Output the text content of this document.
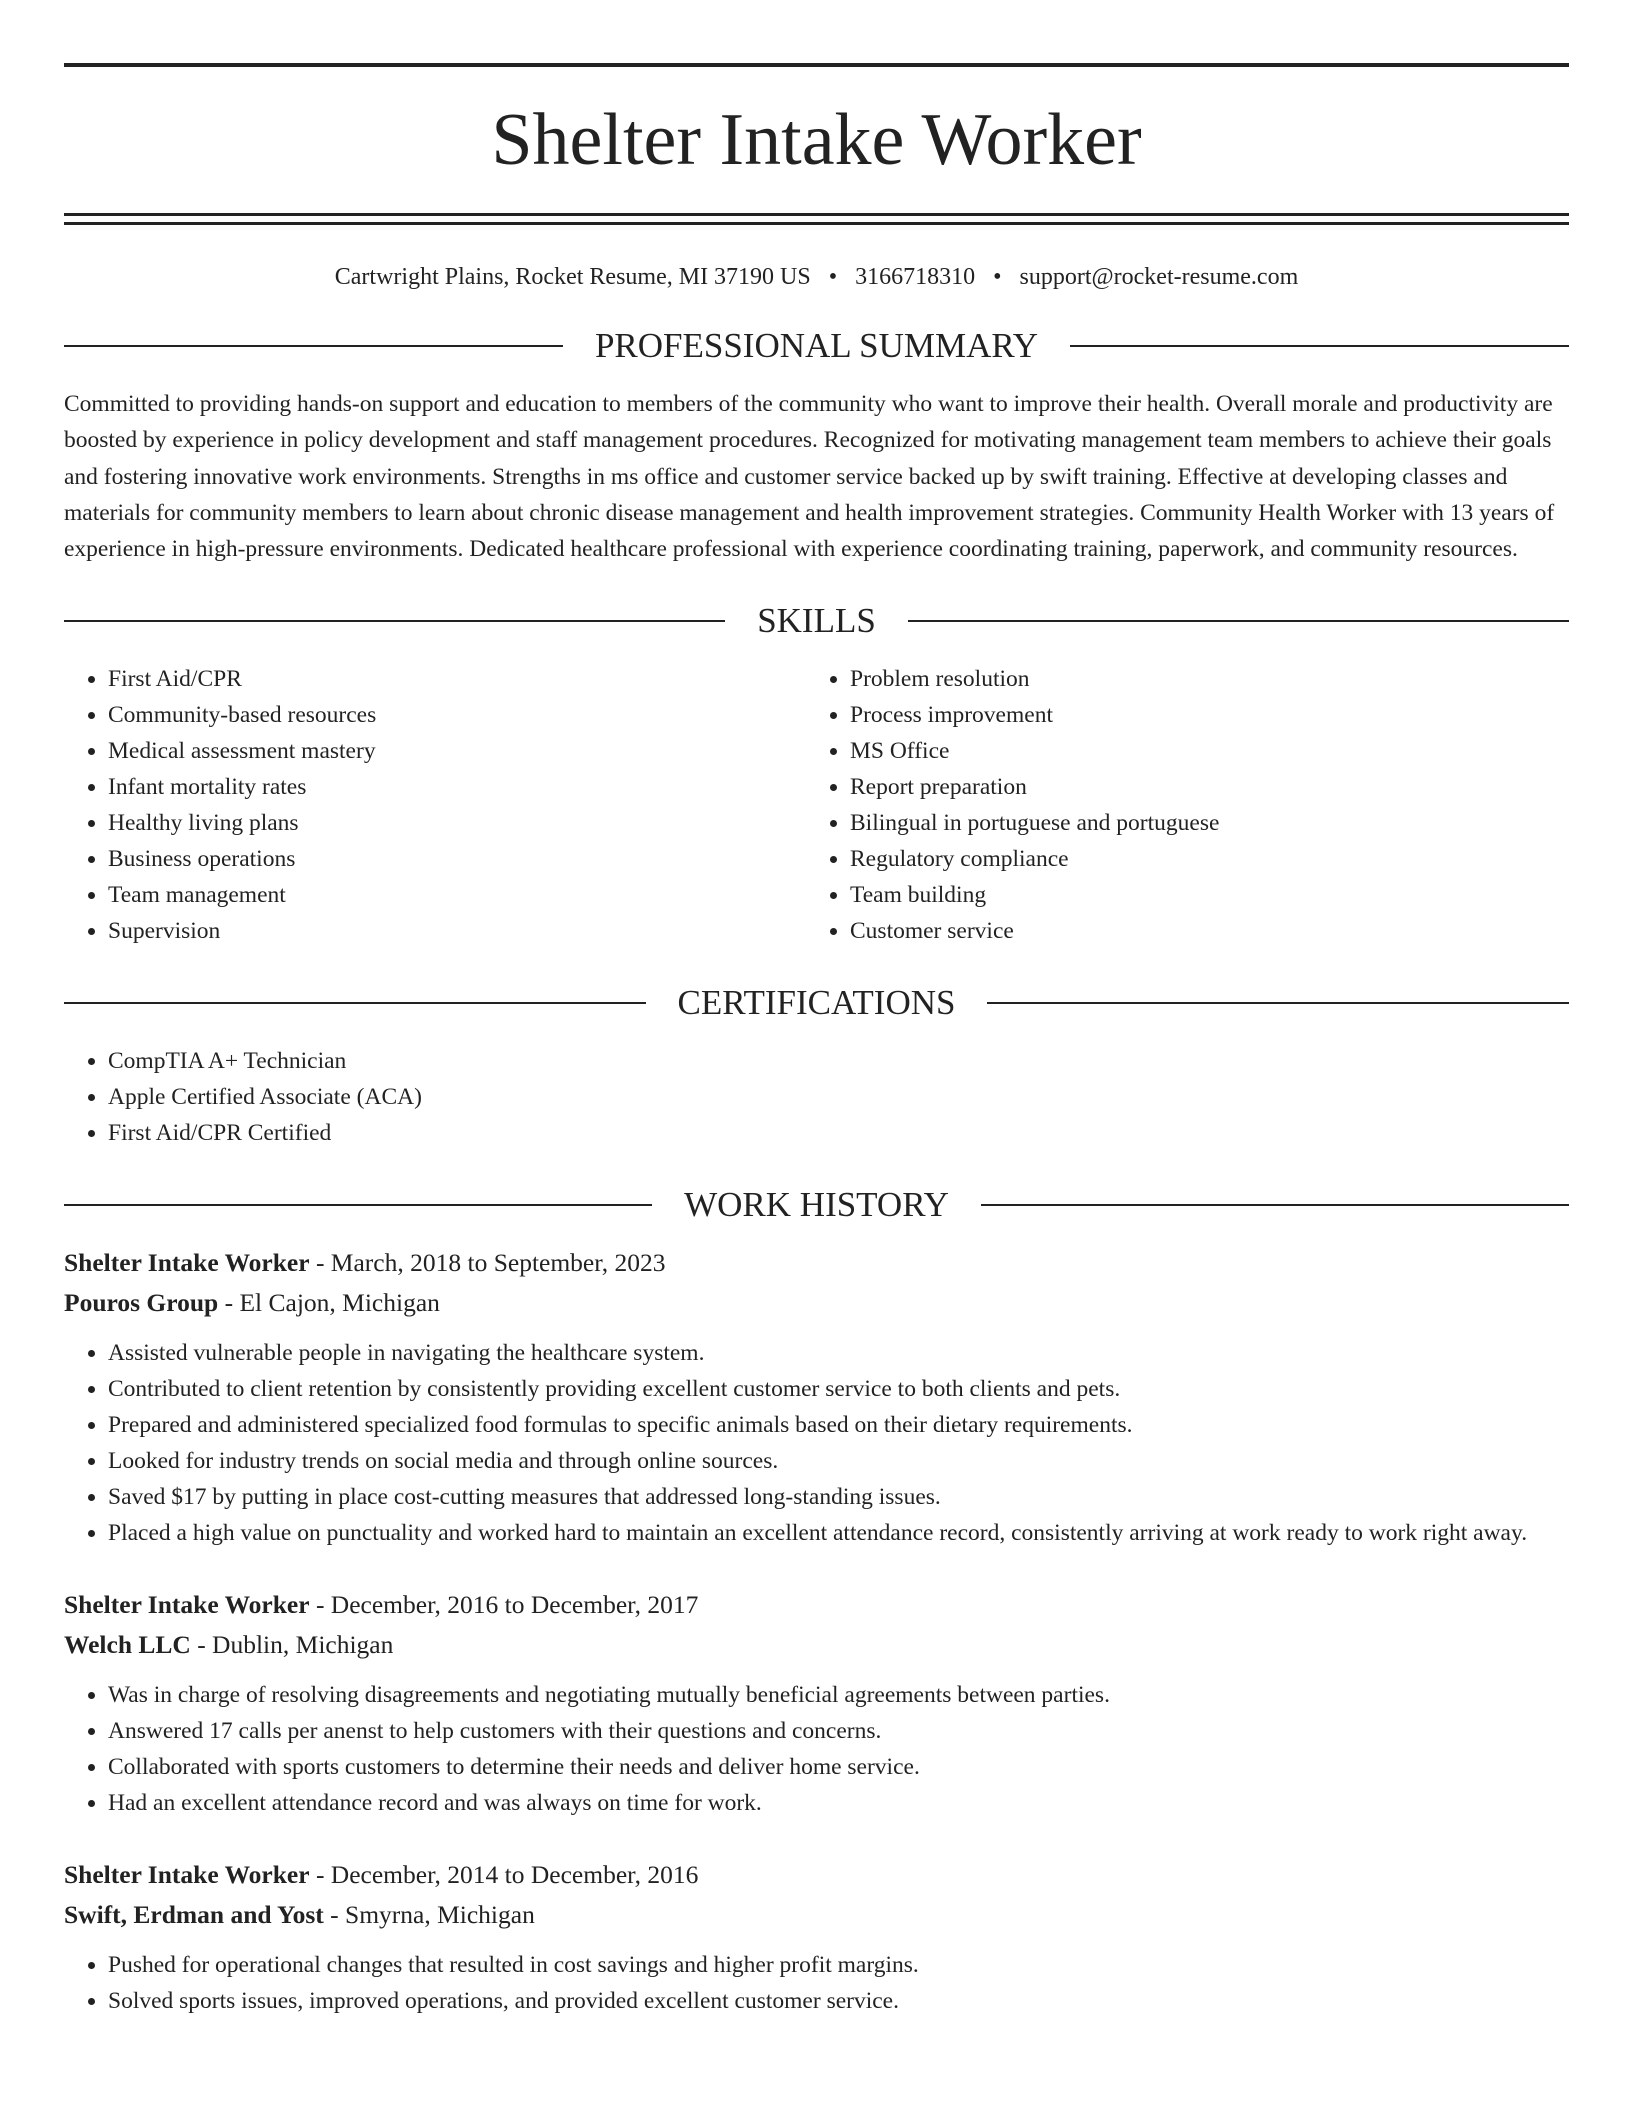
Shelter Intake Worker
Cartwright Plains, Rocket Resume, MI 37190 US • 3166718310 • support@rocket-resume.com
PROFESSIONAL SUMMARY
Committed to providing hands-on support and education to members of the community who want to improve their health. Overall morale and productivity are boosted by experience in policy development and staff management procedures. Recognized for motivating management team members to achieve their goals and fostering innovative work environments. Strengths in ms office and customer service backed up by swift training. Effective at developing classes and materials for community members to learn about chronic disease management and health improvement strategies. Community Health Worker with 13 years of experience in high-pressure environments. Dedicated healthcare professional with experience coordinating training, paperwork, and community resources.
SKILLS
• First Aid/CPR
• Community-based resources
• Medical assessment mastery
• Infant mortality rates
• Healthy living plans
• Business operations
• Team management
• Supervision
• Problem resolution
• Process improvement
• MS Office
• Report preparation
• Bilingual in portuguese and portuguese
• Regulatory compliance
• Team building
• Customer service
CERTIFICATIONS
• CompTIA A+ Technician
• Apple Certified Associate (ACA)
• First Aid/CPR Certified
WORK HISTORY
Shelter Intake Worker - March, 2018 to September, 2023
Pouros Group - El Cajon, Michigan
• Assisted vulnerable people in navigating the healthcare system.
• Contributed to client retention by consistently providing excellent customer service to both clients and pets.
• Prepared and administered specialized food formulas to specific animals based on their dietary requirements.
• Looked for industry trends on social media and through online sources.
• Saved $17 by putting in place cost-cutting measures that addressed long-standing issues.
• Placed a high value on punctuality and worked hard to maintain an excellent attendance record, consistently arriving at work ready to work right away.
Shelter Intake Worker - December, 2016 to December, 2017
Welch LLC - Dublin, Michigan
• Was in charge of resolving disagreements and negotiating mutually beneficial agreements between parties.
• Answered 17 calls per anenst to help customers with their questions and concerns.
• Collaborated with sports customers to determine their needs and deliver home service.
• Had an excellent attendance record and was always on time for work.
Shelter Intake Worker - December, 2014 to December, 2016
Swift, Erdman and Yost - Smyrna, Michigan
• Pushed for operational changes that resulted in cost savings and higher profit margins.
• Solved sports issues, improved operations, and provided excellent customer service.
